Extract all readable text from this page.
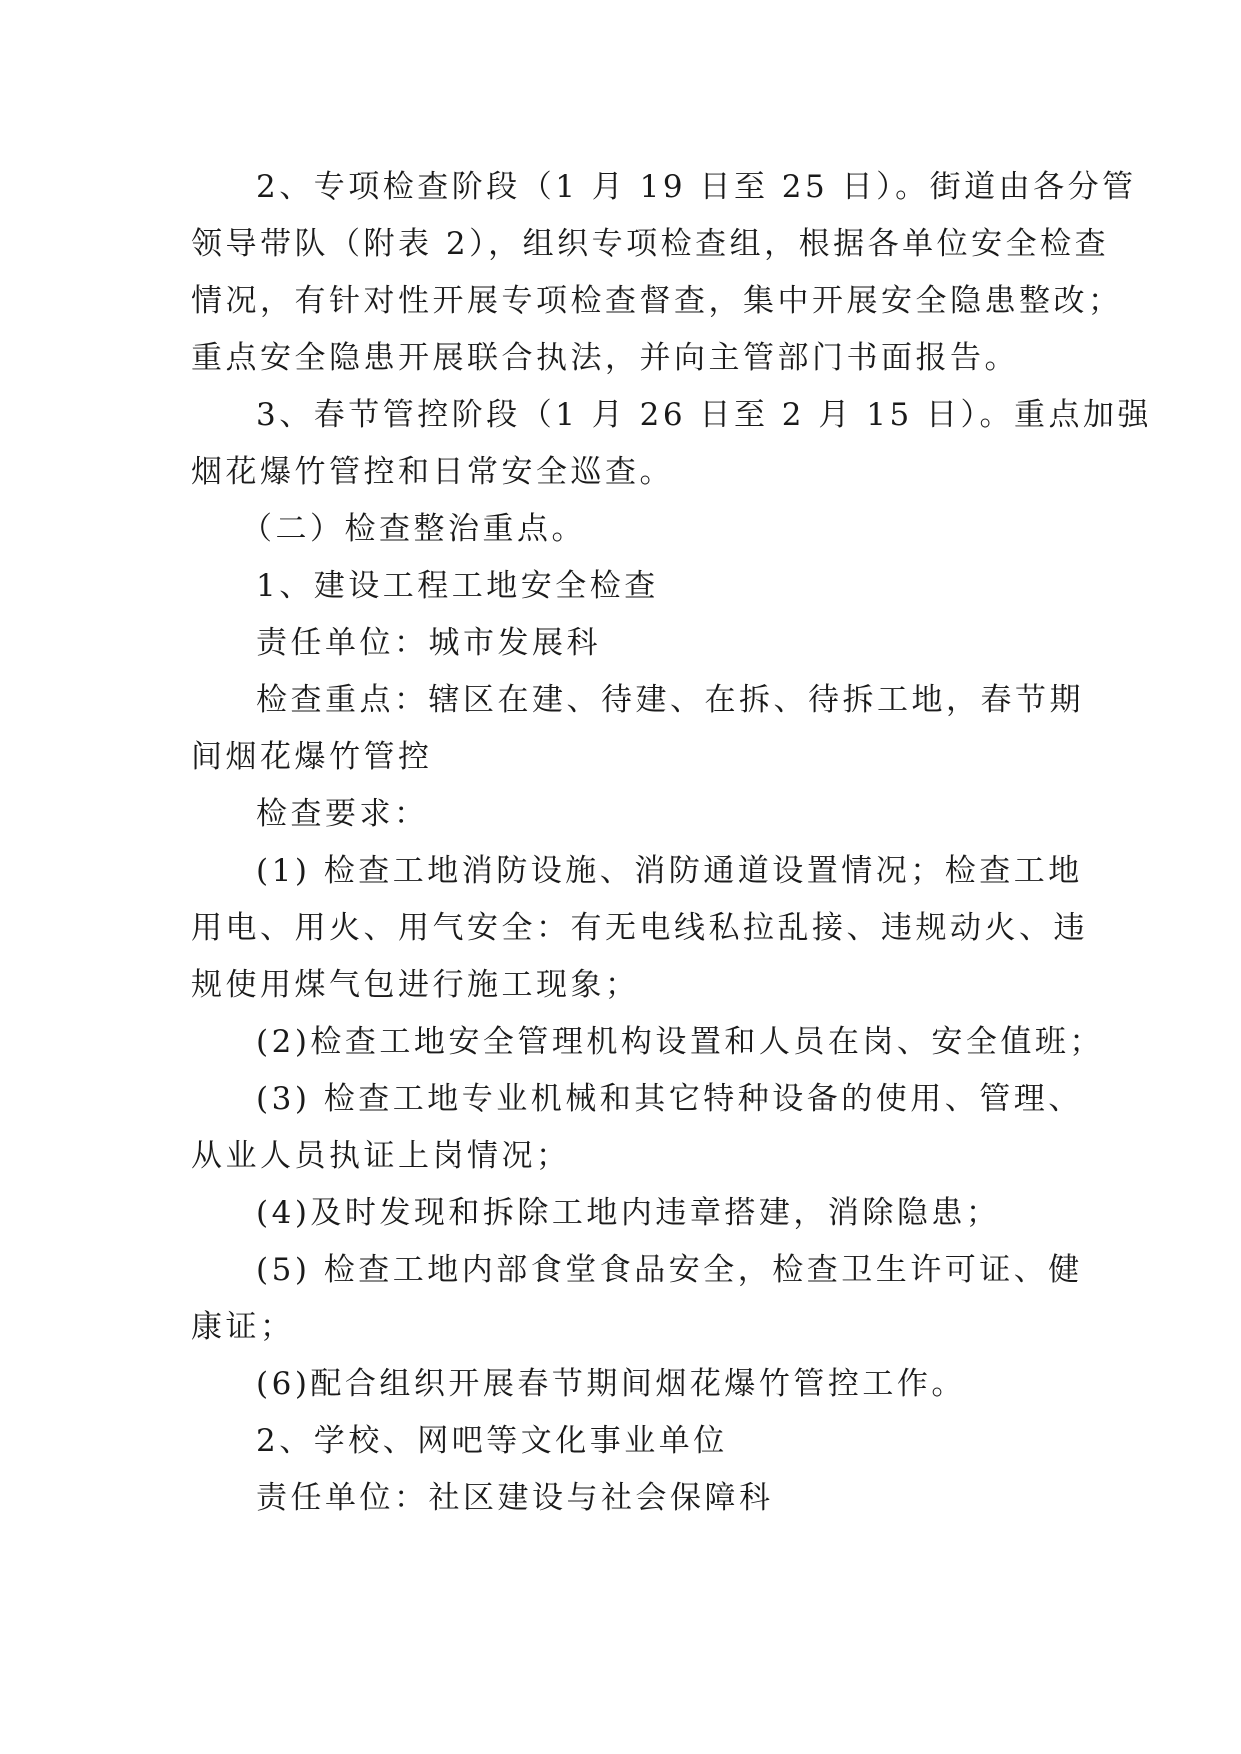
2、专项检查阶段（1 月 19 日至 25 日）。街道由各分管
领导带队（附表 2），组织专项检查组，根据各单位安全检查
情况，有针对性开展专项检查督查，集中开展安全隐患整改；
重点安全隐患开展联合执法，并向主管部门书面报告。
3、春节管控阶段（1 月 26 日至 2 月 15 日）。重点加强
烟花爆竹管控和日常安全巡查。
（二）检查整治重点。
1、建设工程工地安全检查
责任单位：城市发展科
检查重点：辖区在建、待建、在拆、待拆工地，春节期
间烟花爆竹管控
检查要求：
(1) 检查工地消防设施、消防通道设置情况；检查工地
用电、用火、用气安全：有无电线私拉乱接、违规动火、违
规使用煤气包进行施工现象；
(2)检查工地安全管理机构设置和人员在岗、安全值班；
(3) 检查工地专业机械和其它特种设备的使用、管理、
从业人员执证上岗情况；
(4)及时发现和拆除工地内违章搭建，消除隐患；
(5) 检查工地内部食堂食品安全，检查卫生许可证、健
康证；
(6)配合组织开展春节期间烟花爆竹管控工作。
2、学校、网吧等文化事业单位
责任单位：社区建设与社会保障科
